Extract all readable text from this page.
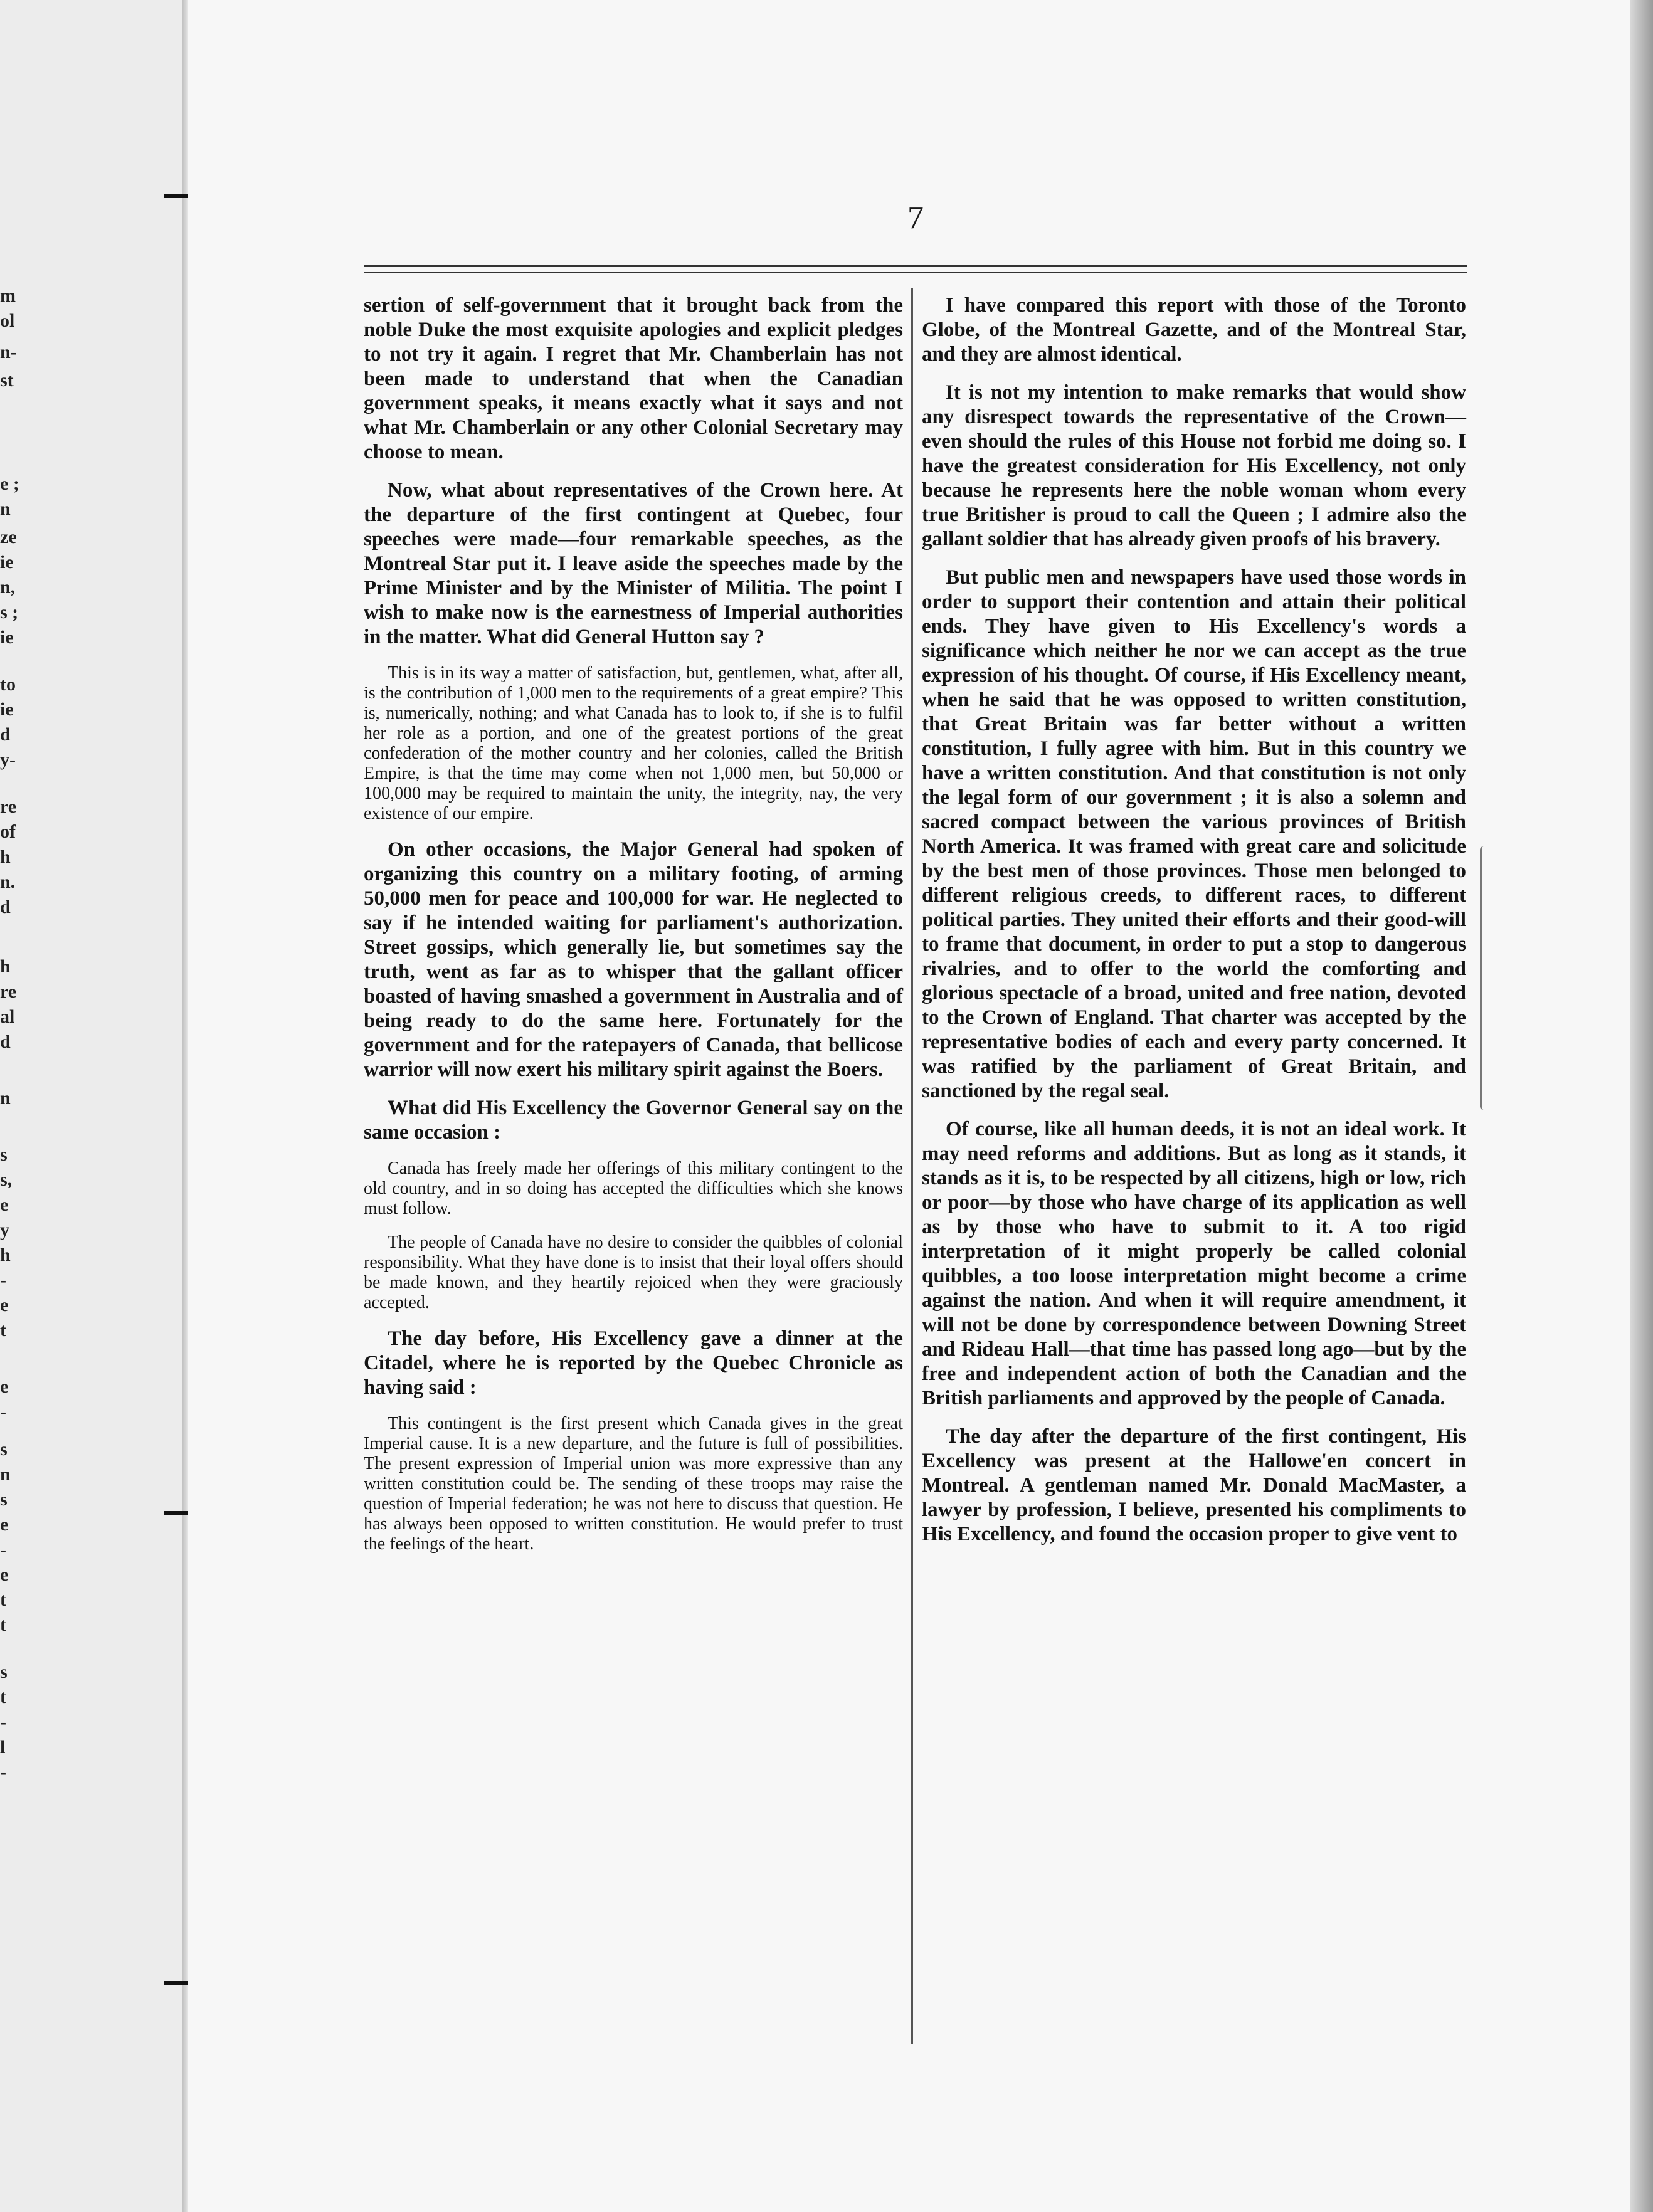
m
ol
n-
st
e ;
n
ze
ie
n,
s ;
ie
to
ie
d
y-
re
of
h
n.
d
h
re
al
d
n
s
s,
e
y
h
-
e
t
e
-
s
n
s
e
-
e
t
t
s
t
-
l
-
7

sertion of self-government that it brought back from the noble Duke the most exquisite apologies and explicit pledges to not try it again. I regret that Mr. Chamberlain has not been made to understand that when the Canadian government speaks, it means exactly what it says and not what Mr. Chamberlain or any other Colonial Secretary may choose to mean.

Now, what about representatives of the Crown here. At the departure of the first contingent at Quebec, four speeches were made—four remarkable speeches, as the Montreal Star put it. I leave aside the speeches made by the Prime Minister and by the Minister of Militia. The point I wish to make now is the earnestness of Imperial authorities in the matter. What did General Hutton say ?

This is in its way a matter of satisfaction, but, gentlemen, what, after all, is the contribution of 1,000 men to the requirements of a great empire? This is, numerically, nothing; and what Canada has to look to, if she is to fulfil her role as a portion, and one of the greatest portions of the great confederation of the mother country and her colonies, called the British Empire, is that the time may come when not 1,000 men, but 50,000 or 100,000 may be required to maintain the unity, the integrity, nay, the very existence of our empire.

On other occasions, the Major General had spoken of organizing this country on a military footing, of arming 50,000 men for peace and 100,000 for war. He neglected to say if he intended waiting for parliament's authorization. Street gossips, which generally lie, but sometimes say the truth, went as far as to whisper that the gallant officer boasted of having smashed a government in Australia and of being ready to do the same here. Fortunately for the government and for the ratepayers of Canada, that bellicose warrior will now exert his military spirit against the Boers.

What did His Excellency the Governor General say on the same occasion :

Canada has freely made her offerings of this military contingent to the old country, and in so doing has accepted the difficulties which she knows must follow.

The people of Canada have no desire to consider the quibbles of colonial responsibility. What they have done is to insist that their loyal offers should be made known, and they heartily rejoiced when they were graciously accepted.

The day before, His Excellency gave a dinner at the Citadel, where he is reported by the Quebec Chronicle as having said :

This contingent is the first present which Canada gives in the great Imperial cause. It is a new departure, and the future is full of possibilities. The present expression of Imperial union was more expressive than any written constitution could be. The sending of these troops may raise the question of Imperial federation; he was not here to discuss that question. He has always been opposed to written constitution. He would prefer to trust the feelings of the heart.

I have compared this report with those of the Toronto Globe, of the Montreal Gazette, and of the Montreal Star, and they are almost identical.

It is not my intention to make remarks that would show any disrespect towards the representative of the Crown—even should the rules of this House not forbid me doing so. I have the greatest consideration for His Excellency, not only because he represents here the noble woman whom every true Britisher is proud to call the Queen ; I admire also the gallant soldier that has already given proofs of his bravery.

But public men and newspapers have used those words in order to support their contention and attain their political ends. They have given to His Excellency's words a significance which neither he nor we can accept as the true expression of his thought. Of course, if His Excellency meant, when he said that he was opposed to written constitution, that Great Britain was far better without a written constitution, I fully agree with him. But in this country we have a written constitution. And that constitution is not only the legal form of our government ; it is also a solemn and sacred compact between the various provinces of British North America. It was framed with great care and solicitude by the best men of those provinces. Those men belonged to different religious creeds, to different races, to different political parties. They united their efforts and their good-will to frame that document, in order to put a stop to dangerous rivalries, and to offer to the world the comforting and glorious spectacle of a broad, united and free nation, devoted to the Crown of England. That charter was accepted by the representative bodies of each and every party concerned. It was ratified by the parliament of Great Britain, and sanctioned by the regal seal.

Of course, like all human deeds, it is not an ideal work. It may need reforms and additions. But as long as it stands, it stands as it is, to be respected by all citizens, high or low, rich or poor—by those who have charge of its application as well as by those who have to submit to it. A too rigid interpretation of it might properly be called colonial quibbles, a too loose interpretation might become a crime against the nation. And when it will require amendment, it will not be done by correspondence between Downing Street and Rideau Hall—that time has passed long ago—but by the free and independent action of both the Canadian and the British parliaments and approved by the people of Canada.

The day after the departure of the first contingent, His Excellency was present at the Hallowe'en concert in Montreal. A gentleman named Mr. Donald MacMaster, a lawyer by profession, I believe, presented his compliments to His Excellency, and found the occasion proper to give vent to
